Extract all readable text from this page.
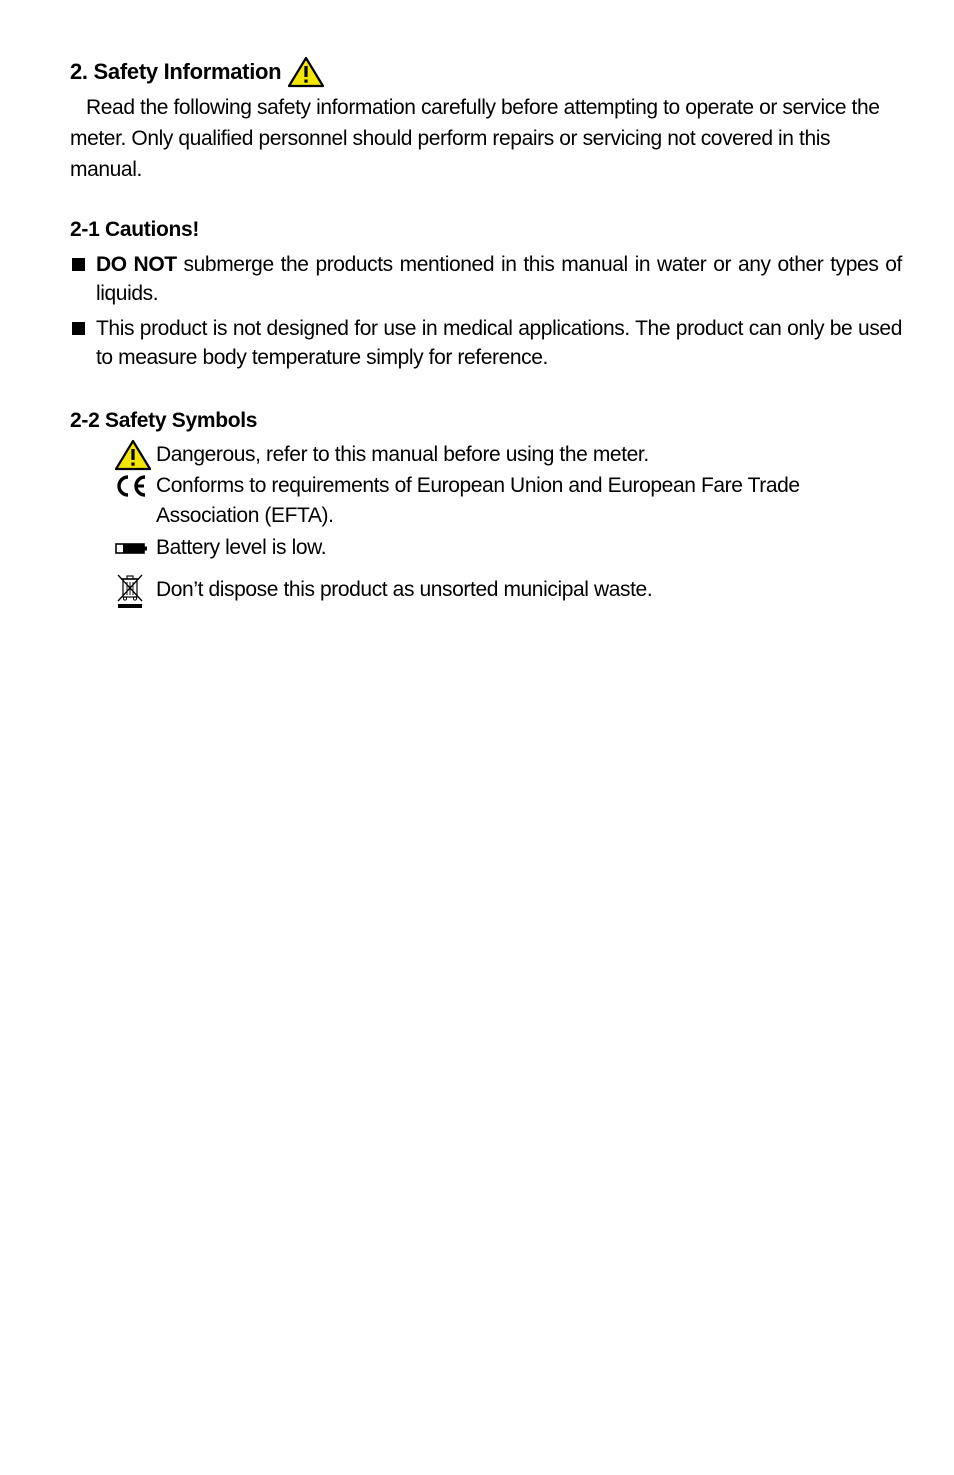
2. Safety Information

Read the following safety information carefully before attempting to operate or service the meter. Only qualified personnel should perform repairs or servicing not covered in this manual.

2-1 Cautions!
DO NOT submerge the products mentioned in this manual in water or any other types of liquids.
This product is not designed for use in medical applications. The product can only be used to measure body temperature simply for reference.
2-2 Safety Symbols
Dangerous, refer to this manual before using the meter.
Conforms to requirements of European Union and European Fare Trade Association (EFTA).
Battery level is low.
Don’t dispose this product as unsorted municipal waste.
